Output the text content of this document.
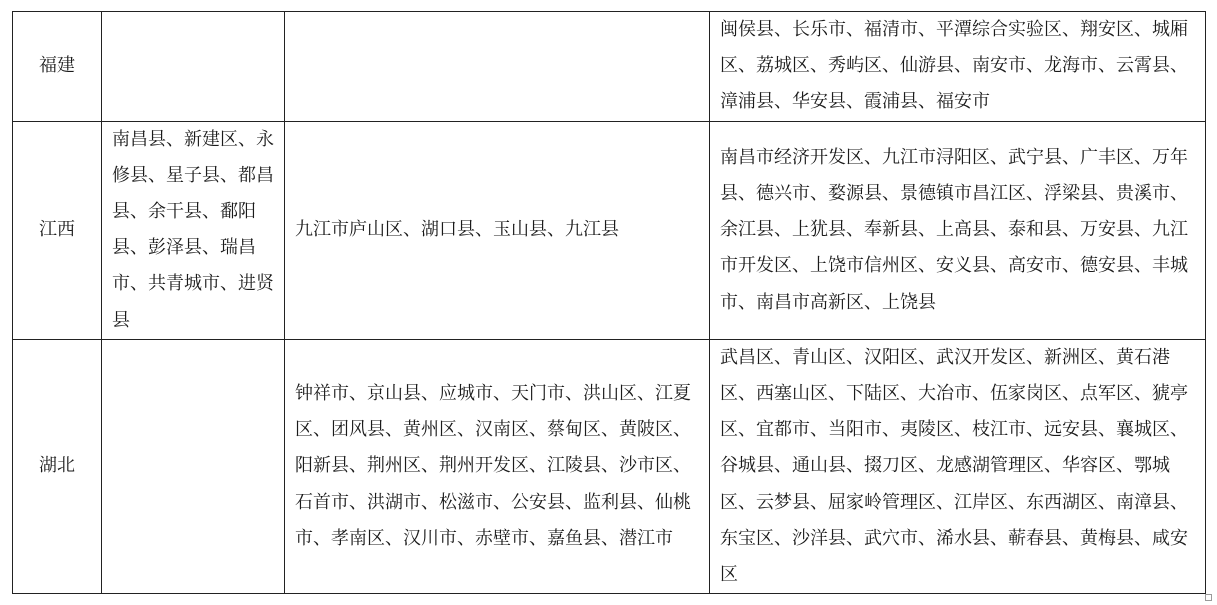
福建			闽侯县、长乐市、福清市、平潭综合实验区、翔安区、城厢区、荔城区、秀屿区、仙游县、南安市、龙海市、云霄县、漳浦县、华安县、霞浦县、福安市
江西	南昌县、新建区、永修县、星子县、都昌县、余干县、鄱阳县、彭泽县、瑞昌市、共青城市、进贤县	九江市庐山区、湖口县、玉山县、九江县	南昌市经济开发区、九江市浔阳区、武宁县、广丰区、万年县、德兴市、婺源县、景德镇市昌江区、浮梁县、贵溪市、余江县、上犹县、奉新县、上高县、泰和县、万安县、九江市开发区、上饶市信州区、安义县、高安市、德安县、丰城市、南昌市高新区、上饶县
湖北		钟祥市、京山县、应城市、天门市、洪山区、江夏区、团风县、黄州区、汉南区、蔡甸区、黄陂区、阳新县、荆州区、荆州开发区、江陵县、沙市区、石首市、洪湖市、松滋市、公安县、监利县、仙桃市、孝南区、汉川市、赤壁市、嘉鱼县、潜江市	武昌区、青山区、汉阳区、武汉开发区、新洲区、黄石港区、西塞山区、下陆区、大冶市、伍家岗区、点军区、猇亭区、宜都市、当阳市、夷陵区、枝江市、远安县、襄城区、谷城县、通山县、掇刀区、龙感湖管理区、华容区、鄂城区、云梦县、屈家岭管理区、江岸区、东西湖区、南漳县、东宝区、沙洋县、武穴市、浠水县、蕲春县、黄梅县、咸安区
